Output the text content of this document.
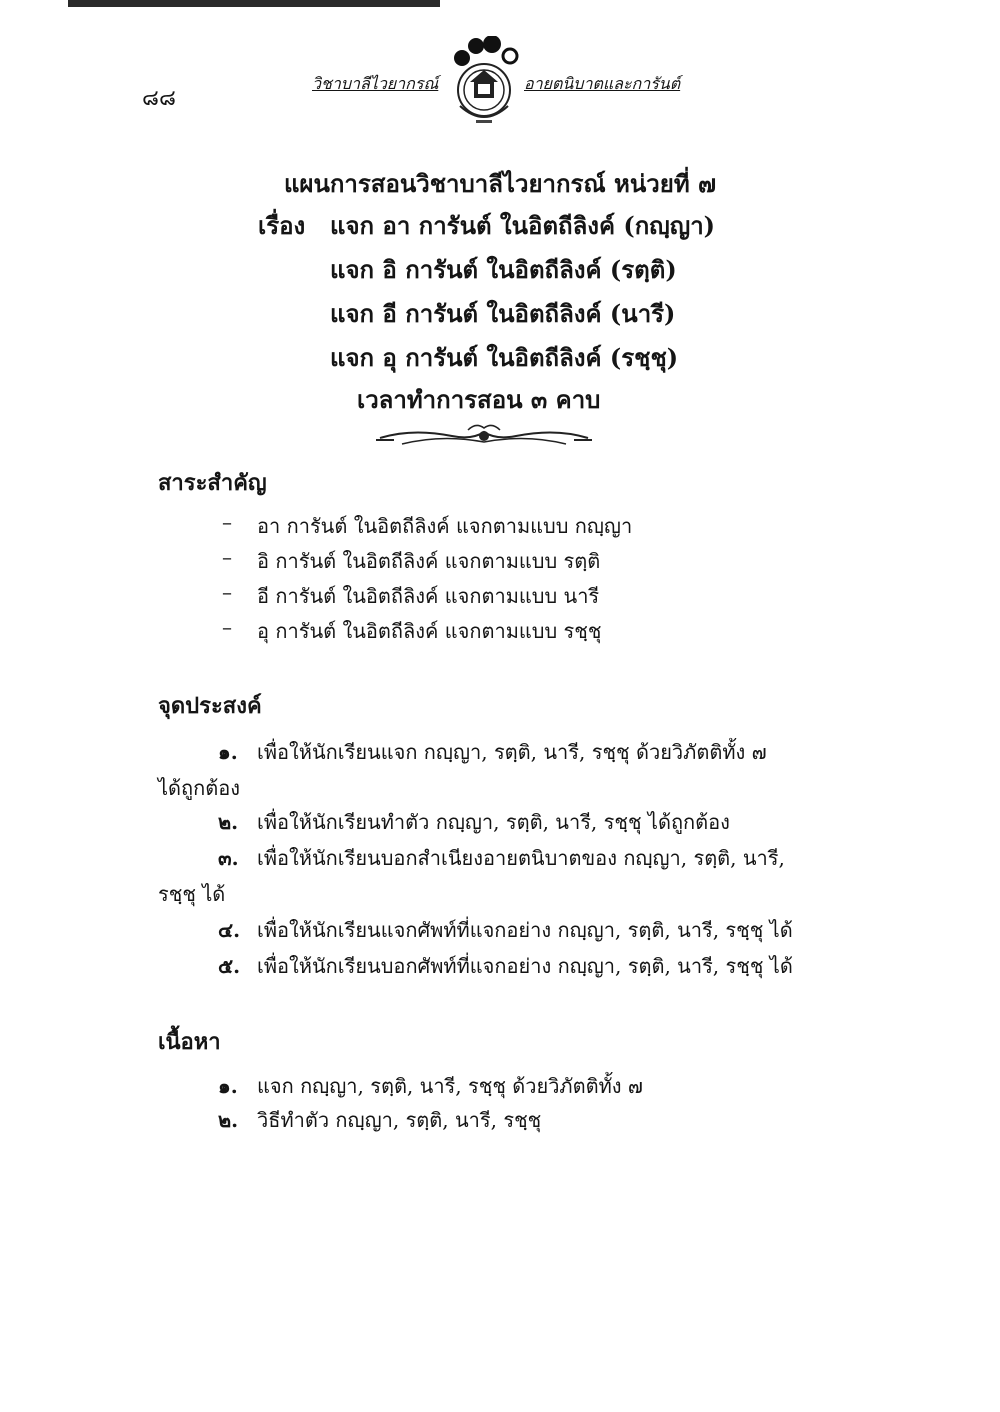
๘๘
วิชาบาลีไวยากรณ์	อายตนิบาตและการันต์
แผนการสอนวิชาบาลีไวยากรณ์ หน่วยที่ ๗
เรื่อง แจก อา การันต์ ในอิตถีลิงค์ (กญฺญา)
แจก อิ การันต์ ในอิตถีลิงค์ (รตฺติ)
แจก อี การันต์ ในอิตถีลิงค์ (นารี)
แจก อุ การันต์ ในอิตถีลิงค์ (รชฺชุ)
เวลาทำการสอน ๓ คาบ
สาระสำคัญ
– อา การันต์ ในอิตถีลิงค์ แจกตามแบบ กญฺญา
– อิ การันต์ ในอิตถีลิงค์ แจกตามแบบ รตฺติ
– อี การันต์ ในอิตถีลิงค์ แจกตามแบบ นารี
– อุ การันต์ ในอิตถีลิงค์ แจกตามแบบ รชฺชุ
จุดประสงค์
๑. เพื่อให้นักเรียนแจก กญฺญา, รตฺติ, นารี, รชฺชุ ด้วยวิภัตติทั้ง ๗
ได้ถูกต้อง
๒. เพื่อให้นักเรียนทำตัว กญฺญา, รตฺติ, นารี, รชฺชุ ได้ถูกต้อง
๓. เพื่อให้นักเรียนบอกสำเนียงอายตนิบาตของ กญฺญา, รตฺติ, นารี,
รชฺชุ ได้
๔. เพื่อให้นักเรียนแจกศัพท์ที่แจกอย่าง กญฺญา, รตฺติ, นารี, รชฺชุ ได้
๕. เพื่อให้นักเรียนบอกศัพท์ที่แจกอย่าง กญฺญา, รตฺติ, นารี, รชฺชุ ได้
เนื้อหา
๑. แจก กญฺญา, รตฺติ, นารี, รชฺชุ ด้วยวิภัตติทั้ง ๗
๒. วิธีทำตัว กญฺญา, รตฺติ, นารี, รชฺชุ
